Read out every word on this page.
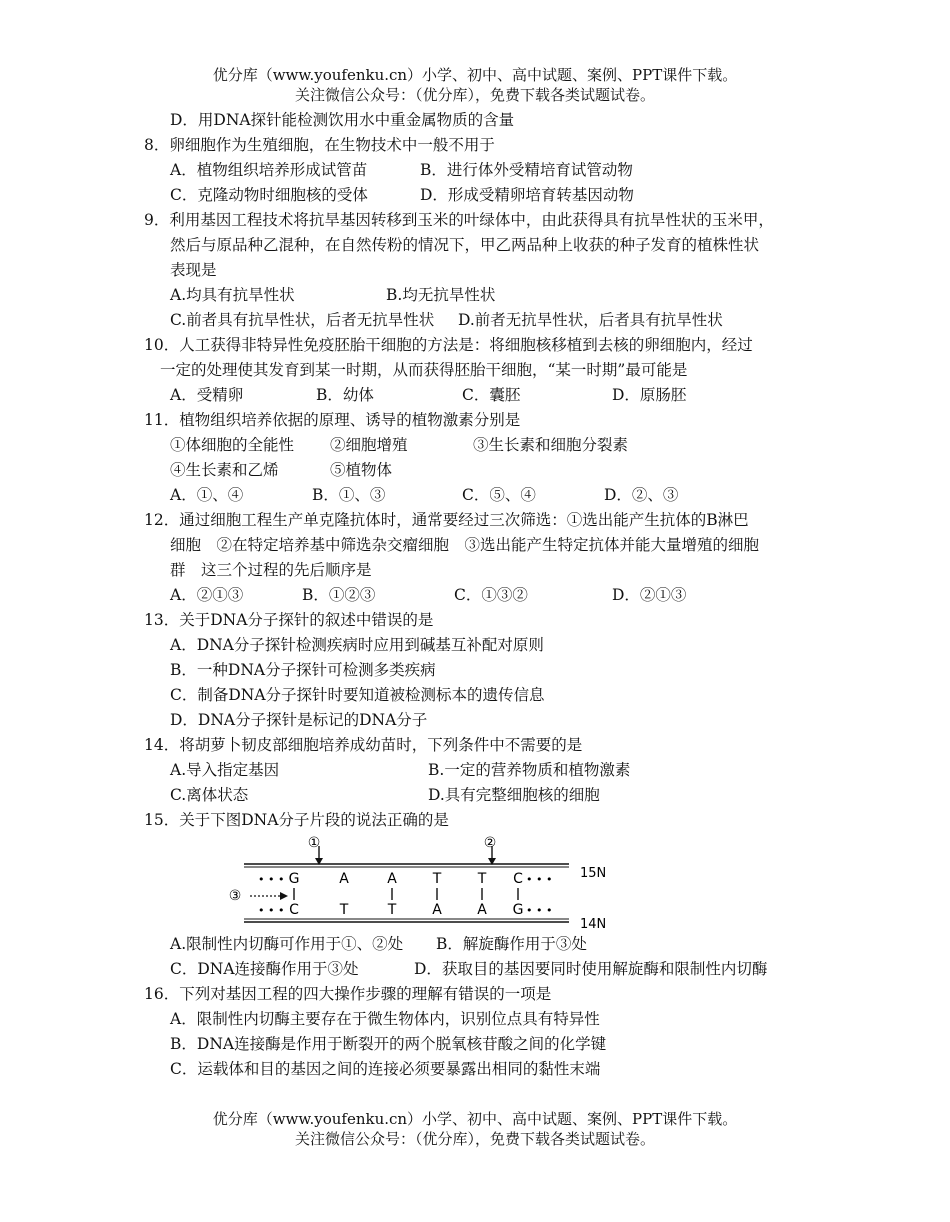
优分库（www.youfenku.cn）小学、初中、高中试题、案例、PPT课件下载。
关注微信公众号：（优分库），免费下载各类试题试卷。
D．用DNA探针能检测饮用水中重金属物质的含量
8．卵细胞作为生殖细胞，在生物技术中一般不用于
A．植物组织培养形成试管苗	B．进行体外受精培育试管动物
C．克隆动物时细胞核的受体	D．形成受精卵培育转基因动物
9．利用基因工程技术将抗旱基因转移到玉米的叶绿体中，由此获得具有抗旱性状的玉米甲，
然后与原品种乙混种，在自然传粉的情况下，甲乙两品种上收获的种子发育的植株性状
表现是
A.均具有抗旱性状	B.均无抗旱性状
C.前者具有抗旱性状，后者无抗旱性状 D.前者无抗旱性状，后者具有抗旱性状
10．人工获得非特异性免疫胚胎干细胞的方法是：将细胞核移植到去核的卵细胞内，经过
一定的处理使其发育到某一时期，从而获得胚胎干细胞，“某一时期”最可能是
A．受精卵	B．幼体	C．囊胚	D．原肠胚
11．植物组织培养依据的原理、诱导的植物激素分别是
①体细胞的全能性 ②细胞增殖	③生长素和细胞分裂素
④生长素和乙烯	⑤植物体
A．①、④	B．①、③	C．⑤、④	D．②、③
12．通过细胞工程生产单克隆抗体时，通常要经过三次筛选：①选出能产生抗体的B淋巴
细胞　②在特定培养基中筛选杂交瘤细胞　③选出能产生特定抗体并能大量增殖的细胞
群　这三个过程的先后顺序是
A．②①③	B．①②③	C．①③②	D．②①③
13．关于DNA分子探针的叙述中错误的是
A．DNA分子探针检测疾病时应用到碱基互补配对原则
B．一种DNA分子探针可检测多类疾病
C．制备DNA分子探针时要知道被检测标本的遗传信息
D．DNA分子探针是标记的DNA分子
14．将胡萝卜韧皮部细胞培养成幼苗时，下列条件中不需要的是
A.导入指定基因	B.一定的营养物质和植物激素
C.离体状态	D.具有完整细胞核的细胞
15．关于下图DNA分子片段的说法正确的是
①	②
③
• • •
• • •
• • •
• • •
G	A	A	T	T C
C	T	T	A	A G
15N
14N
A.限制性内切酶可作用于①、②处 B．解旋酶作用于③处
C．DNA连接酶作用于③处	D．获取目的基因要同时使用解旋酶和限制性内切酶
16．下列对基因工程的四大操作步骤的理解有错误的一项是
A．限制性内切酶主要存在于微生物体内，识别位点具有特异性
B．DNA连接酶是作用于断裂开的两个脱氧核苷酸之间的化学键
C．运载体和目的基因之间的连接必须要暴露出相同的黏性末端
优分库（www.youfenku.cn）小学、初中、高中试题、案例、PPT课件下载。
关注微信公众号：（优分库），免费下载各类试题试卷。
